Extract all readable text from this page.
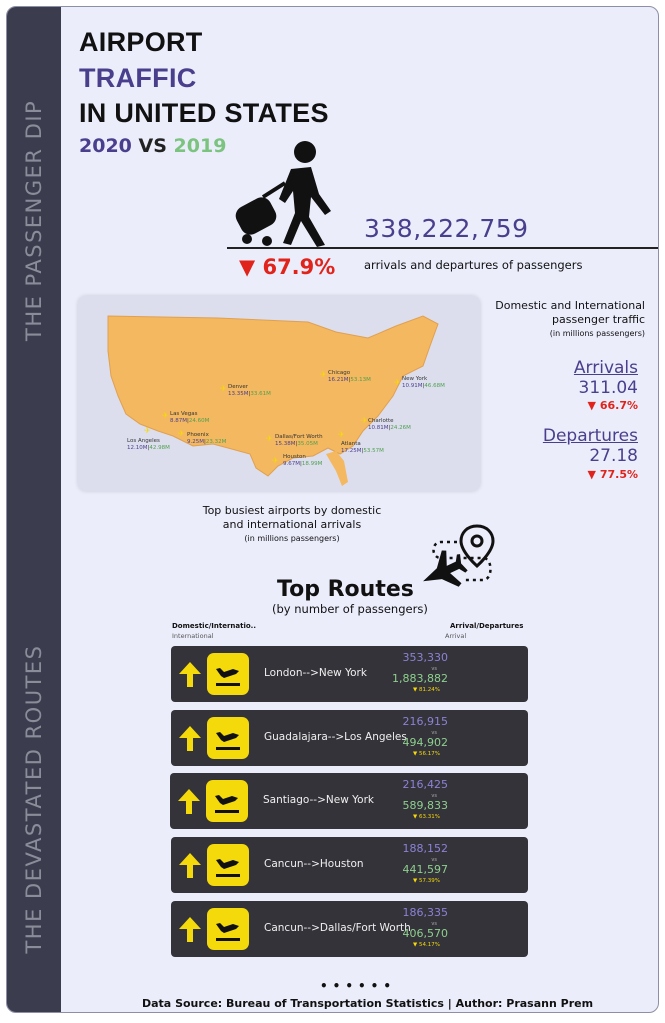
THE PASSENGER DIP
THE DEVASTATED ROUTES
AIRPORT
TRAFFIC
IN UNITED STATES
2020 VS 2019
338,222,759
▼ 67.9% arrivals and departures of passengers
Chicago
16.21M|53.13M	New York
10.91M|46.68M
Denver
13.35M|33.61M
Las Vegas
8.87M|24.60M
Phoenix
9.25M|23.32M
Los Angeles
12.10M|42.98M
Dallas/Fort Worth
15.38M|35.05M
Charlotte
10.81M|24.26M
Atlanta
17.25M|53.57M
Houston
9.67M|18.99M
✈
✈
✈
✈
✈
✈
✈
✈
✈
✈
Top busiest airports by domestic
and international arrivals
(in millions passengers)
Domestic and International
passenger traffic
(in millions passengers)
Arrivals
311.04
▼ 66.7%
Departures
27.18
▼ 77.5%
Top Routes
(by number of passengers)
Domestic/Internatio..
International
Arrival/Departures
Arrival
London-->New York
353,330
vs
1,883,882
▼ 81.24%
Guadalajara-->Los Angeles
216,915
vs
494,902
▼ 56.17%
Santiago-->New York
216,425
vs
589,833
▼ 63.31%
Cancun-->Houston
188,152
vs
441,597
▼ 57.39%
Cancun-->Dallas/Fort Worth
186,335
vs
406,570
▼ 54.17%
••••••
Data Source: Bureau of Transportation Statistics | Author: Prasann Prem
